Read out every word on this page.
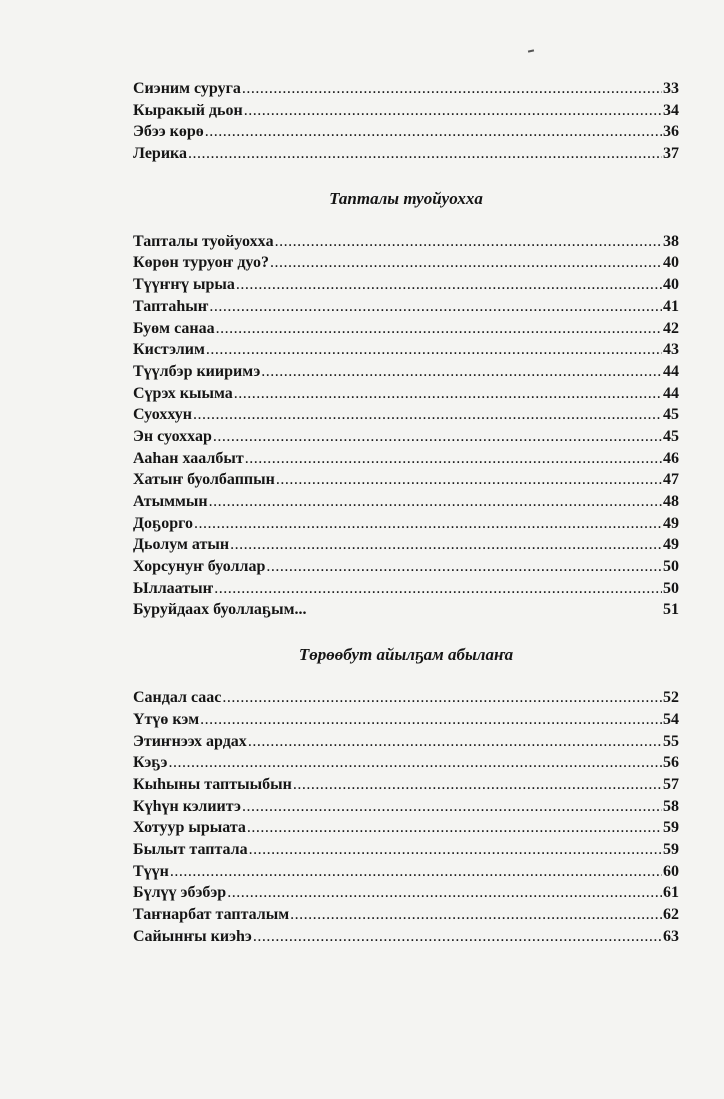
Сиэним суруга .....	33
Кыракый дьон .....	34
Эбээ көрө .....	36
Лерика .....	37
Тапталы туойуоххa
Тапталы туойуоххa .....	38
Көрөн туруоҥ дуо? .....	40
Түүҥҥү ырыа .....	40
Таптаһыҥ .....	41
Буөм санаа .....	42
Кистэлим .....	43
Түүлбэр кииримэ .....	44
Сүрэх кыыма .....	44
Суоххун .....	45
Эн суоххар .....	45
Ааһан хаалбыт .....	46
Хатыҥ буолбаппын .....	47
Атыммын .....	48
Доҕорго .....	49
Дьолум атын .....	49
Хорсунуҥ буоллар .....	50
Ыллаатыҥ .....	50
Буруйдаах буоллаҕым...	51
Төрөөбут айылҕам абылаҥа
Сандал саас .....	52
Үтүө кэм .....	54
Этиҥнээх ардах .....	55
Кэҕэ .....	56
Кыһыны таптыыбын .....	57
Күһүн кэлиитэ .....	58
Хотуур ырыата .....	59
Былыт таптала .....	59
Түүн .....	60
Бүлүү эбэбэр .....	61
Таҥнарбат тапталым .....	62
Сайынҥы киэһэ .....	63
